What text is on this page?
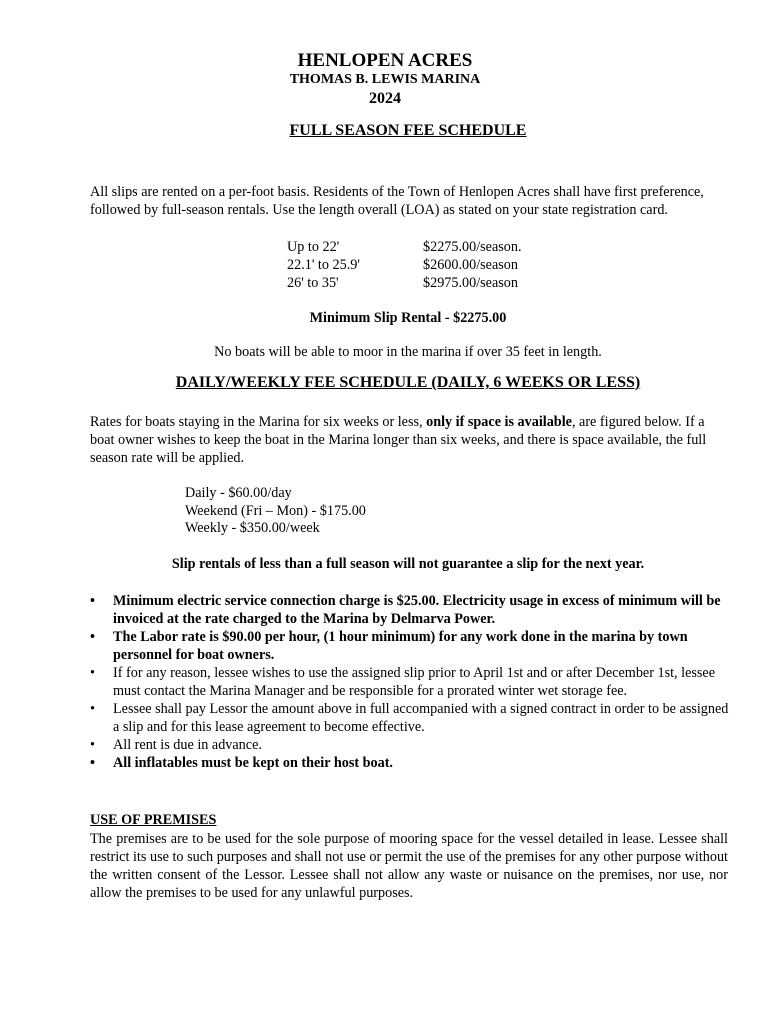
HENLOPEN ACRES
THOMAS B. LEWIS MARINA
2024
FULL SEASON FEE SCHEDULE
All slips are rented on a per-foot basis. Residents of the Town of Henlopen Acres shall have first preference, followed by full-season rentals. Use the length overall (LOA) as stated on your state registration card.
Up to 22'	$2275.00/season.
22.1' to 25.9'	$2600.00/season
26' to 35'	$2975.00/season
Minimum Slip Rental - $2275.00
No boats will be able to moor in the marina if over 35 feet in length.
DAILY/WEEKLY FEE SCHEDULE (DAILY, 6 WEEKS OR LESS)
Rates for boats staying in the Marina for six weeks or less, only if space is available, are figured below. If a boat owner wishes to keep the boat in the Marina longer than six weeks, and there is space available, the full season rate will be applied.
Daily - $60.00/day
Weekend (Fri – Mon) - $175.00
Weekly - $350.00/week
Slip rentals of less than a full season will not guarantee a slip for the next year.
• Minimum electric service connection charge is $25.00. Electricity usage in excess of minimum will be invoiced at the rate charged to the Marina by Delmarva Power.
• The Labor rate is $90.00 per hour, (1 hour minimum) for any work done in the marina by town personnel for boat owners.
• If for any reason, lessee wishes to use the assigned slip prior to April 1st and or after December 1st, lessee must contact the Marina Manager and be responsible for a prorated winter wet storage fee.
• Lessee shall pay Lessor the amount above in full accompanied with a signed contract in order to be assigned a slip and for this lease agreement to become effective.
• All rent is due in advance.
• All inflatables must be kept on their host boat.
USE OF PREMISES
The premises are to be used for the sole purpose of mooring space for the vessel detailed in lease. Lessee shall restrict its use to such purposes and shall not use or permit the use of the premises for any other purpose without the written consent of the Lessor. Lessee shall not allow any waste or nuisance on the premises, nor use, nor allow the premises to be used for any unlawful purposes.
